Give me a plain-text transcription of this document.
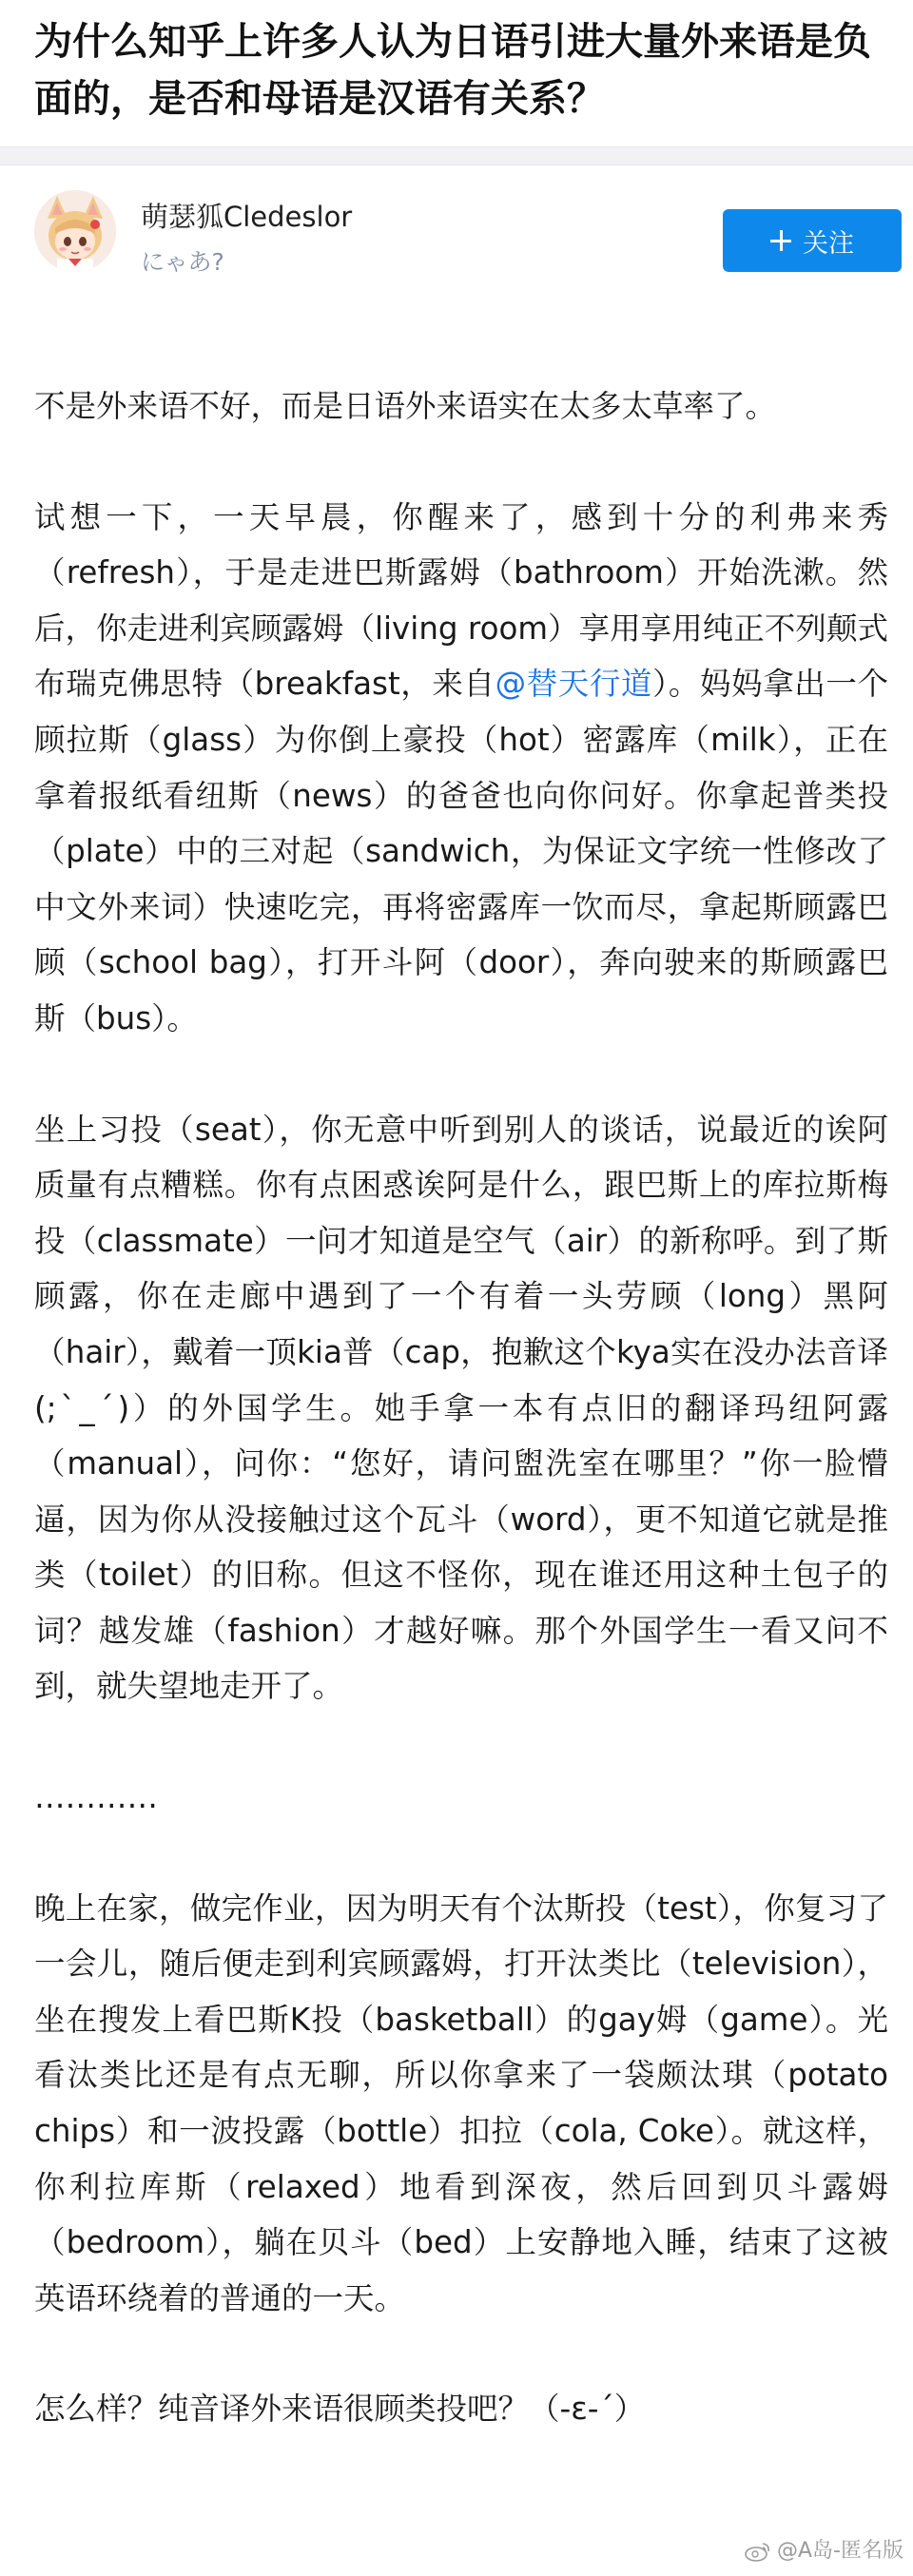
为什么知乎上许多人认为日语引进大量外来语是负面的，是否和母语是汉语有关系？
萌瑟狐Cledeslor
にゃあ?
关注

不是外来语不好，而是日语外来语实在太多太草率了。

试想一下，一天早晨，你醒来了，感到十分的利弗来秀（refresh），于是走进巴斯露姆（bathroom）开始洗漱。然后，你走进利宾顾露姆（living room）享用享用纯正不列颠式布瑞克佛思特（breakfast，来自@替天行道）。妈妈拿出一个顾拉斯（glass）为你倒上豪投（hot）密露库（milk），正在拿着报纸看纽斯（news）的爸爸也向你问好。你拿起普类投（plate）中的三对起（sandwich，为保证文字统一性修改了中文外来词）快速吃完，再将密露库一饮而尽，拿起斯顾露巴顾（school bag），打开斗阿（door），奔向驶来的斯顾露巴斯（bus）。

坐上习投（seat），你无意中听到别人的谈话，说最近的诶阿质量有点糟糕。你有点困惑诶阿是什么，跟巴斯上的库拉斯梅投（classmate）一问才知道是空气（air）的新称呼。到了斯顾露，你在走廊中遇到了一个有着一头劳顾（long）黑阿（hair），戴着一顶kia普（cap，抱歉这个kya实在没办法音译(;ˋ_ˊ)）的外国学生。她手拿一本有点旧的翻译玛纽阿露（manual），问你：“您好，请问盥洗室在哪里？”你一脸懵逼，因为你从没接触过这个瓦斗（word），更不知道它就是推类（toilet）的旧称。但这不怪你，现在谁还用这种土包子的词？越发雄（fashion）才越好嘛。那个外国学生一看又问不到，就失望地走开了。

…………

晚上在家，做完作业，因为明天有个汰斯投（test），你复习了一会儿，随后便走到利宾顾露姆，打开汰类比（television），坐在搜发上看巴斯K投（basketball）的gay姆（game）。光看汰类比还是有点无聊，所以你拿来了一袋颇汰琪（potato chips）和一波投露（bottle）扣拉（cola, Coke）。就这样，你利拉库斯（relaxed）地看到深夜，然后回到贝斗露姆（bedroom），躺在贝斗（bed）上安静地入睡，结束了这被英语环绕着的普通的一天。

怎么样？纯音译外来语很顾类投吧？（-ε-ˊ）

@A岛-匿名版
